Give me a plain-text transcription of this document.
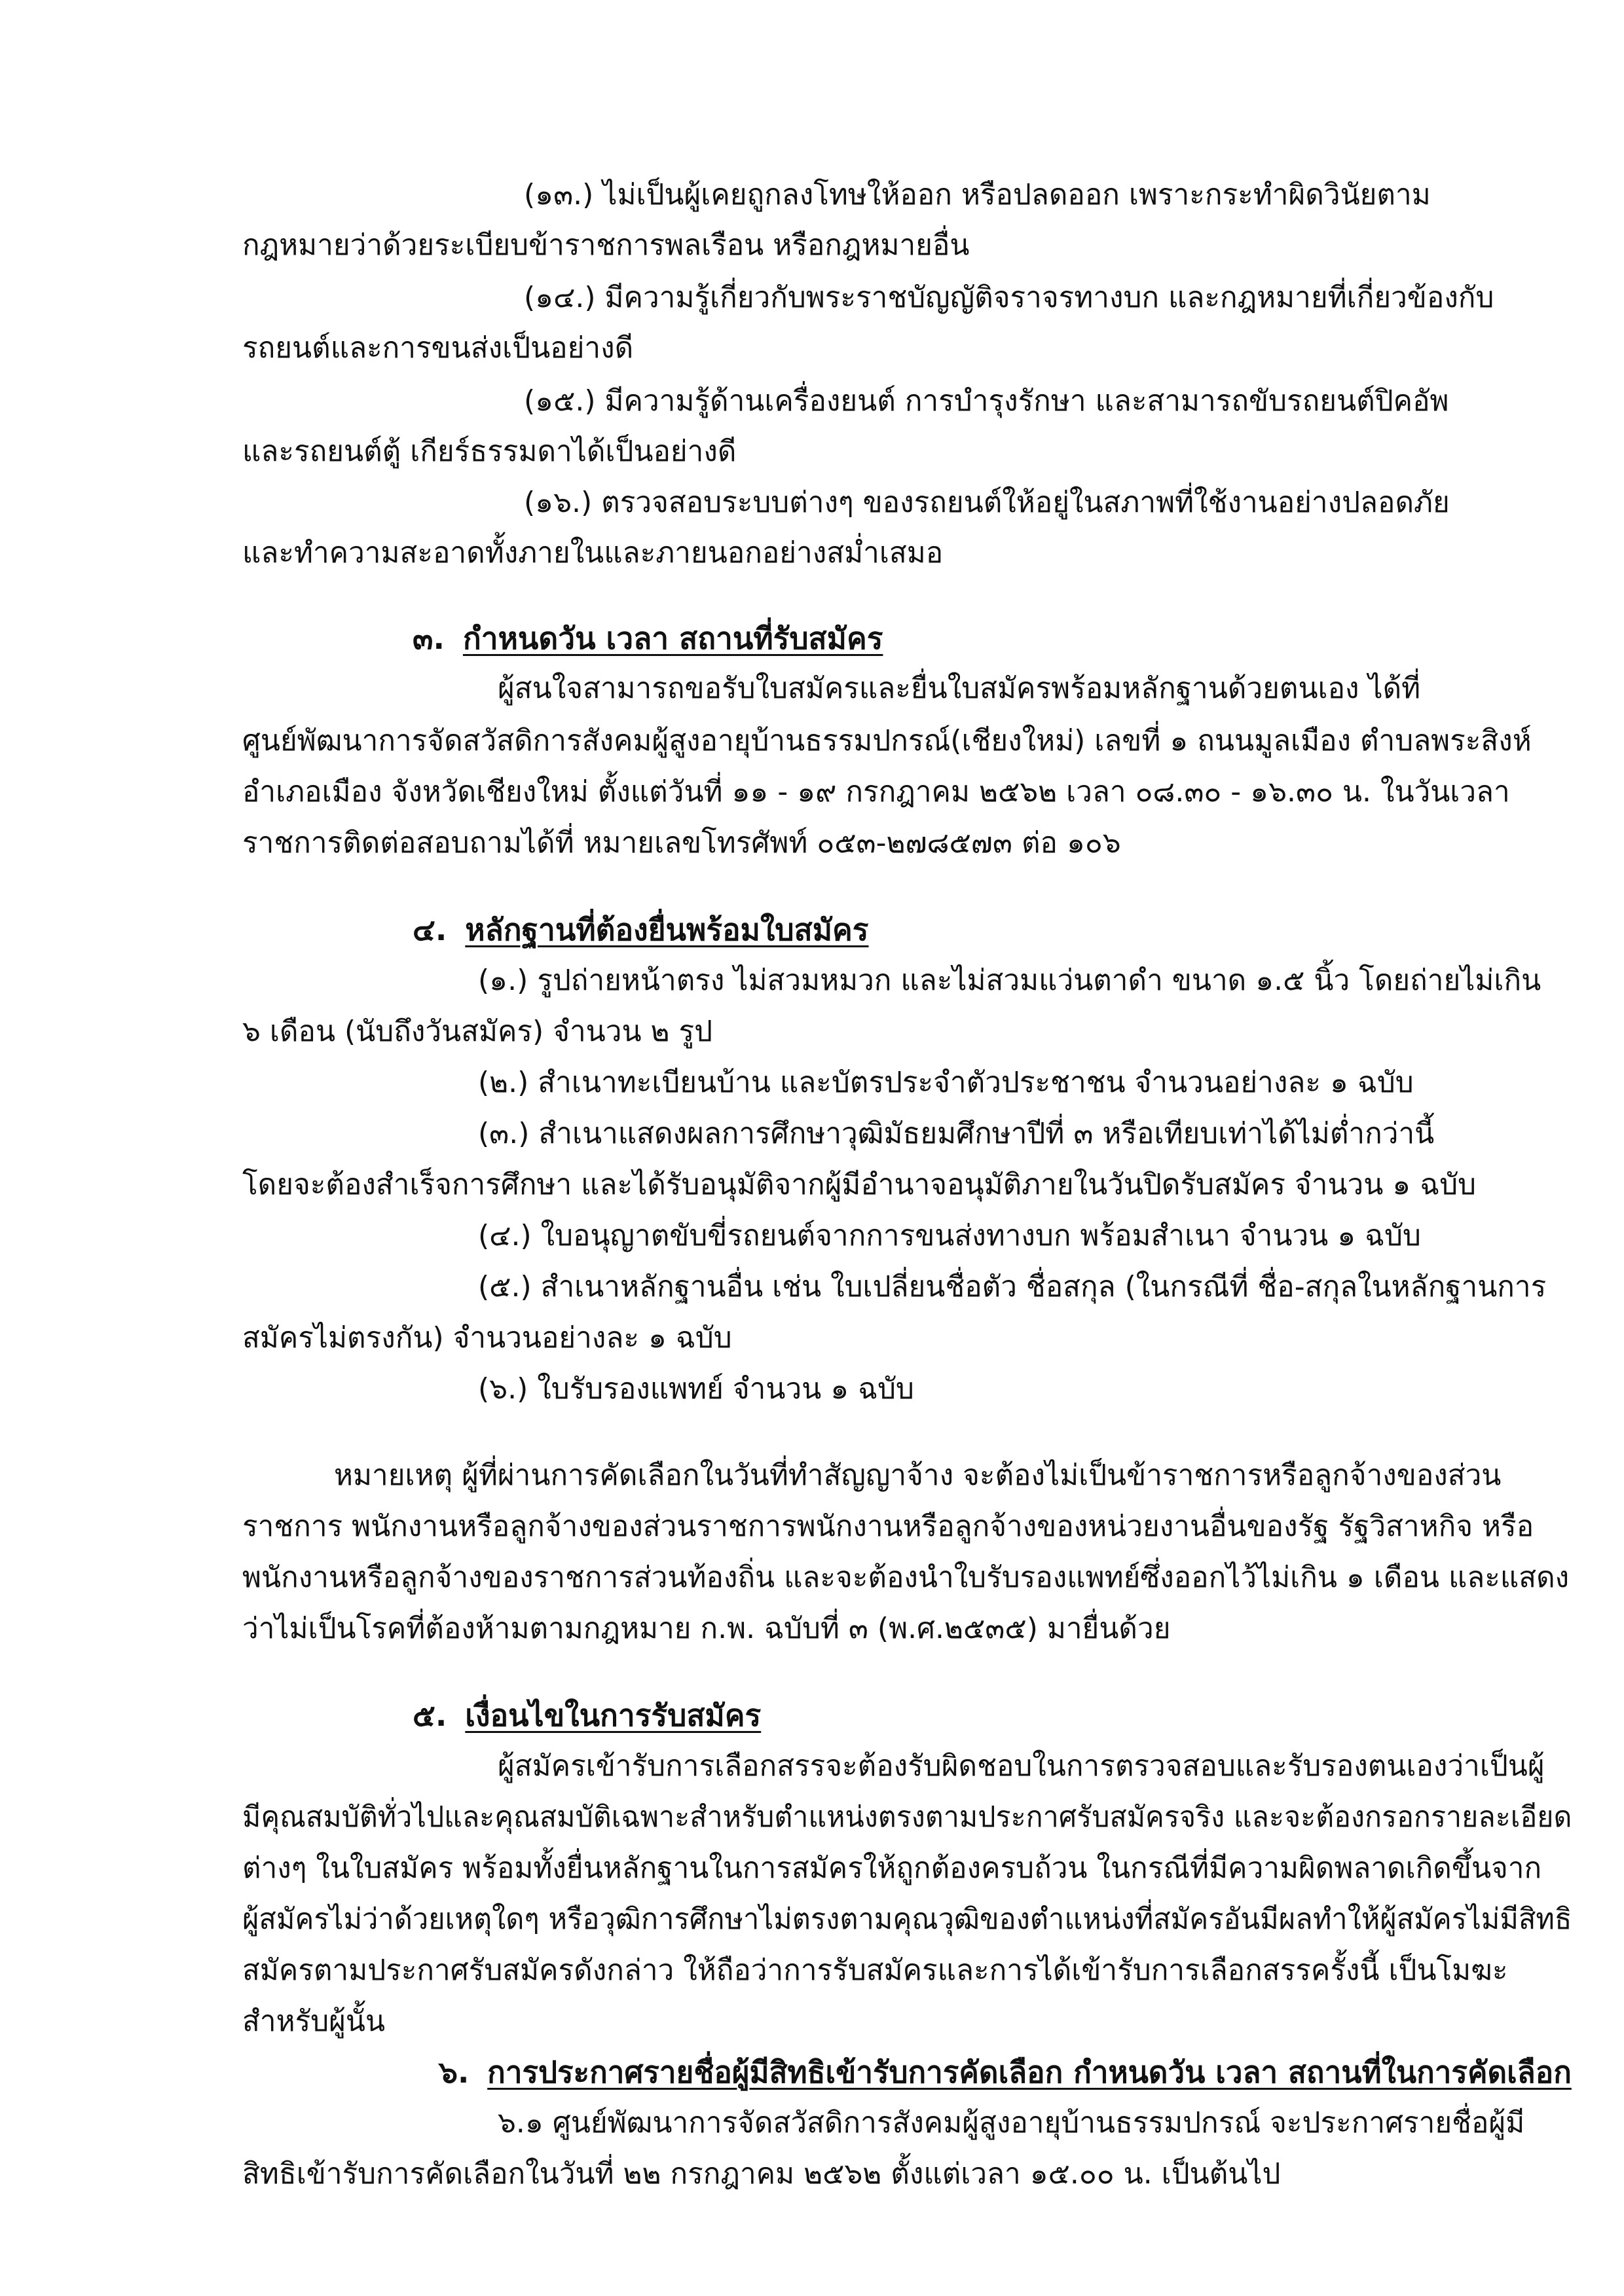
(๑๓.) ไม่เป็นผู้เคยถูกลงโทษให้ออก หรือปลดออก เพราะกระทำผิดวินัยตาม
กฎหมายว่าด้วยระเบียบข้าราชการพลเรือน หรือกฎหมายอื่น
(๑๔.) มีความรู้เกี่ยวกับพระราชบัญญัติจราจรทางบก และกฎหมายที่เกี่ยวข้องกับ
รถยนต์และการขนส่งเป็นอย่างดี
(๑๕.) มีความรู้ด้านเครื่องยนต์ การบำรุงรักษา และสามารถขับรถยนต์ปิคอัพ
และรถยนต์ตู้ เกียร์ธรรมดาได้เป็นอย่างดี
(๑๖.) ตรวจสอบระบบต่างๆ ของรถยนต์ให้อยู่ในสภาพที่ใช้งานอย่างปลอดภัย
และทำความสะอาดทั้งภายในและภายนอกอย่างสม่ำเสมอ
๓. กำหนดวัน เวลา สถานที่รับสมัคร
ผู้สนใจสามารถขอรับใบสมัครและยื่นใบสมัครพร้อมหลักฐานด้วยตนเอง ได้ที่
ศูนย์พัฒนาการจัดสวัสดิการสังคมผู้สูงอายุบ้านธรรมปกรณ์(เชียงใหม่) เลขที่ ๑ ถนนมูลเมือง ตำบลพระสิงห์
อำเภอเมือง จังหวัดเชียงใหม่ ตั้งแต่วันที่ ๑๑ - ๑๙ กรกฎาคม ๒๕๖๒ เวลา ๐๘.๓๐ - ๑๖.๓๐ น. ในวันเวลา
ราชการติดต่อสอบถามได้ที่ หมายเลขโทรศัพท์ ๐๕๓-๒๗๘๕๗๓ ต่อ ๑๐๖
๔. หลักฐานที่ต้องยื่นพร้อมใบสมัคร
(๑.) รูปถ่ายหน้าตรง ไม่สวมหมวก และไม่สวมแว่นตาดำ ขนาด ๑.๕ นิ้ว โดยถ่ายไม่เกิน
๖ เดือน (นับถึงวันสมัคร) จำนวน ๒ รูป
(๒.) สำเนาทะเบียนบ้าน และบัตรประจำตัวประชาชน จำนวนอย่างละ ๑ ฉบับ
(๓.) สำเนาแสดงผลการศึกษาวุฒิมัธยมศึกษาปีที่ ๓ หรือเทียบเท่าได้ไม่ต่ำกว่านี้
โดยจะต้องสำเร็จการศึกษา และได้รับอนุมัติจากผู้มีอำนาจอนุมัติภายในวันปิดรับสมัคร จำนวน ๑ ฉบับ
(๔.) ใบอนุญาตขับขี่รถยนต์จากการขนส่งทางบก พร้อมสำเนา จำนวน ๑ ฉบับ
(๕.) สำเนาหลักฐานอื่น เช่น ใบเปลี่ยนชื่อตัว ชื่อสกุล (ในกรณีที่ ชื่อ-สกุลในหลักฐานการ
สมัครไม่ตรงกัน) จำนวนอย่างละ ๑ ฉบับ
(๖.) ใบรับรองแพทย์ จำนวน ๑ ฉบับ
หมายเหตุ ผู้ที่ผ่านการคัดเลือกในวันที่ทำสัญญาจ้าง จะต้องไม่เป็นข้าราชการหรือลูกจ้างของส่วน
ราชการ พนักงานหรือลูกจ้างของส่วนราชการพนักงานหรือลูกจ้างของหน่วยงานอื่นของรัฐ รัฐวิสาหกิจ หรือ
พนักงานหรือลูกจ้างของราชการส่วนท้องถิ่น และจะต้องนำใบรับรองแพทย์ซึ่งออกไว้ไม่เกิน ๑ เดือน และแสดง
ว่าไม่เป็นโรคที่ต้องห้ามตามกฎหมาย ก.พ. ฉบับที่ ๓ (พ.ศ.๒๕๓๕) มายื่นด้วย
๕. เงื่อนไขในการรับสมัคร
ผู้สมัครเข้ารับการเลือกสรรจะต้องรับผิดชอบในการตรวจสอบและรับรองตนเองว่าเป็นผู้
มีคุณสมบัติทั่วไปและคุณสมบัติเฉพาะสำหรับตำแหน่งตรงตามประกาศรับสมัครจริง และจะต้องกรอกรายละเอียด
ต่างๆ ในใบสมัคร พร้อมทั้งยื่นหลักฐานในการสมัครให้ถูกต้องครบถ้วน ในกรณีที่มีความผิดพลาดเกิดขึ้นจาก
ผู้สมัครไม่ว่าด้วยเหตุใดๆ หรือวุฒิการศึกษาไม่ตรงตามคุณวุฒิของตำแหน่งที่สมัครอันมีผลทำให้ผู้สมัครไม่มีสิทธิ
สมัครตามประกาศรับสมัครดังกล่าว ให้ถือว่าการรับสมัครและการได้เข้ารับการเลือกสรรครั้งนี้ เป็นโมฆะ
สำหรับผู้นั้น
๖. การประกาศรายชื่อผู้มีสิทธิเข้ารับการคัดเลือก กำหนดวัน เวลา สถานที่ในการคัดเลือก
๖.๑ ศูนย์พัฒนาการจัดสวัสดิการสังคมผู้สูงอายุบ้านธรรมปกรณ์ จะประกาศรายชื่อผู้มี
สิทธิเข้ารับการคัดเลือกในวันที่ ๒๒ กรกฎาคม ๒๕๖๒ ตั้งแต่เวลา ๑๕.๐๐ น. เป็นต้นไป
